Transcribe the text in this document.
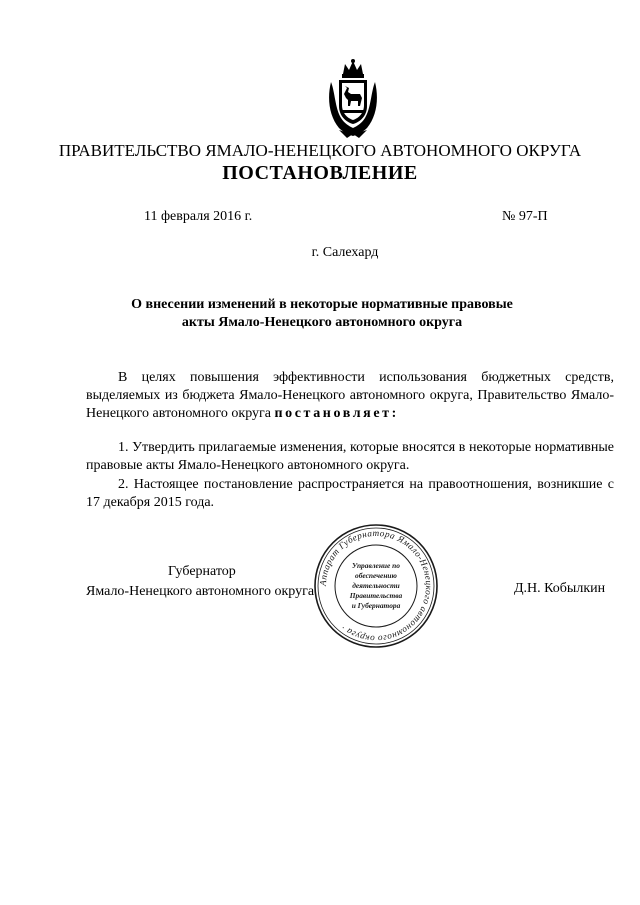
ПРАВИТЕЛЬСТВО ЯМАЛО-НЕНЕЦКОГО АВТОНОМНОГО ОКРУГА
ПОСТАНОВЛЕНИЕ
11 февраля 2016 г.	№ 97-П
г. Салехард
О внесении изменений в некоторые нормативные правовые
акты Ямало-Ненецкого автономного округа
В целях повышения эффективности использования бюджетных средств, выделяемых из бюджета Ямало-Ненецкого автономного округа, Правительство Ямало-Ненецкого автономного округа постановляет:
1. Утвердить прилагаемые изменения, которые вносятся в некоторые нормативные правовые акты Ямало-Ненецкого автономного округа.
2. Настоящее постановление распространяется на правоотношения, возникшие с 17 декабря 2015 года.
Губернатор
Ямало-Ненецкого автономного округа	Д.Н. Кобылкин
Аппарат Губернатора Ямало-Ненецкого автономного округа ·
Управление по
обеспечению
деятельности
Правительства
и Губернатора
